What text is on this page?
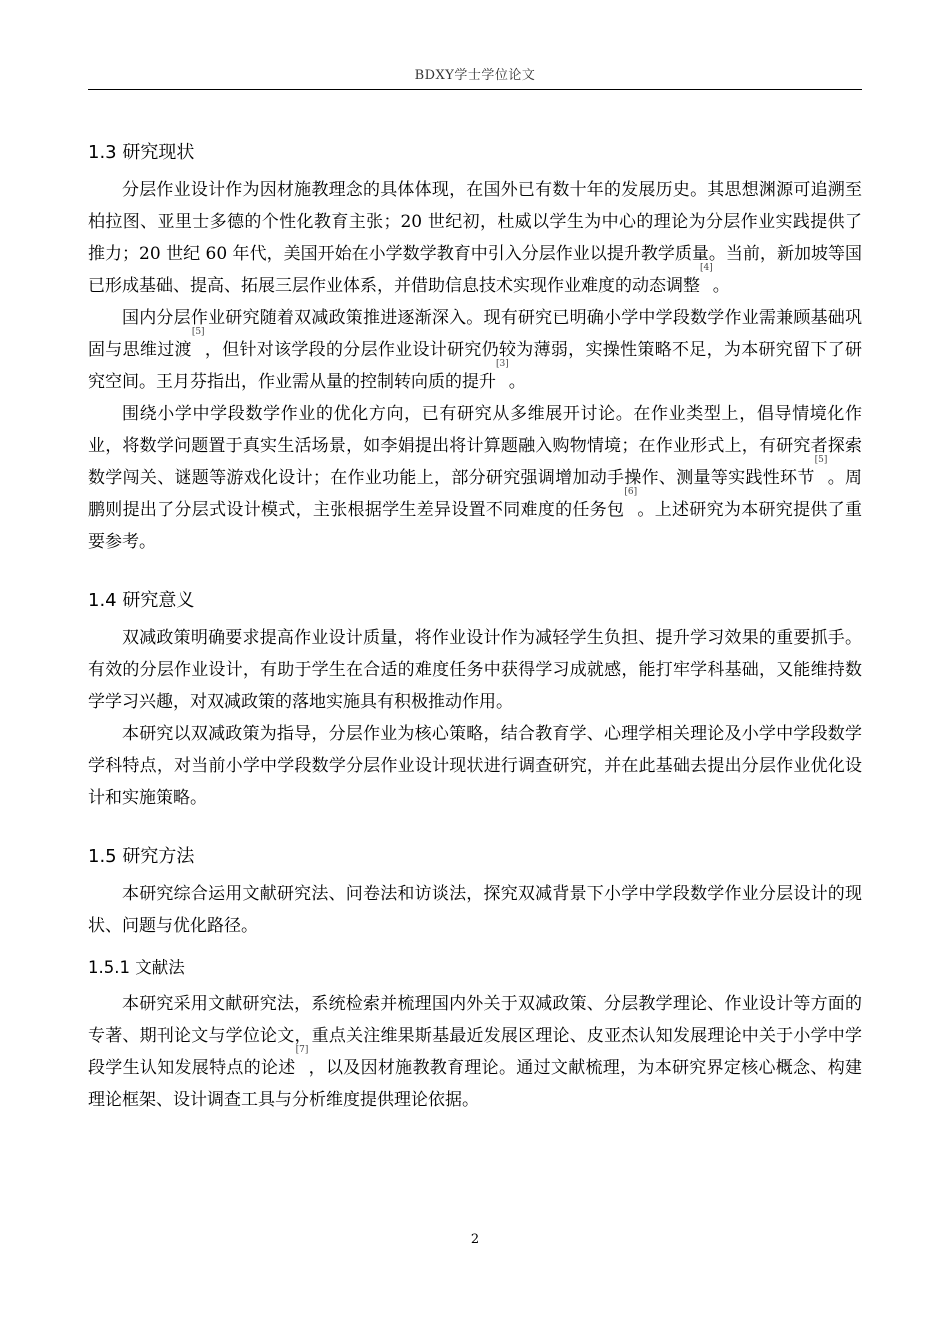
BDXY学士学位论文
1.3 研究现状

分层作业设计作为因材施教理念的具体体现，在国外已有数十年的发展历史。其思想渊源可追溯至柏拉图、亚里士多德的个性化教育主张；20 世纪初，杜威以学生为中心的理论为分层作业实践提供了推力；20 世纪 60 年代，美国开始在小学数学教育中引入分层作业以提升教学质量。当前，新加坡等国已形成基础、提高、拓展三层作业体系，并借助信息技术实现作业难度的动态调整[4]。

国内分层作业研究随着双减政策推进逐渐深入。现有研究已明确小学中学段数学作业需兼顾基础巩固与思维过渡[5]，但针对该学段的分层作业设计研究仍较为薄弱，实操性策略不足，为本研究留下了研究空间。王月芬指出，作业需从量的控制转向质的提升[3]。

围绕小学中学段数学作业的优化方向，已有研究从多维展开讨论。在作业类型上，倡导情境化作业，将数学问题置于真实生活场景，如李娟提出将计算题融入购物情境；在作业形式上，有研究者探索数学闯关、谜题等游戏化设计；在作业功能上，部分研究强调增加动手操作、测量等实践性环节[5]。周鹏则提出了分层式设计模式，主张根据学生差异设置不同难度的任务包[6]。上述研究为本研究提供了重要参考。

1.4 研究意义

双减政策明确要求提高作业设计质量，将作业设计作为减轻学生负担、提升学习效果的重要抓手。有效的分层作业设计，有助于学生在合适的难度任务中获得学习成就感，能打牢学科基础，又能维持数学学习兴趣，对双减政策的落地实施具有积极推动作用。

本研究以双减政策为指导，分层作业为核心策略，结合教育学、心理学相关理论及小学中学段数学学科特点，对当前小学中学段数学分层作业设计现状进行调查研究，并在此基础去提出分层作业优化设计和实施策略。

1.5 研究方法

本研究综合运用文献研究法、问卷法和访谈法，探究双减背景下小学中学段数学作业分层设计的现状、问题与优化路径。

1.5.1 文献法

本研究采用文献研究法，系统检索并梳理国内外关于双减政策、分层教学理论、作业设计等方面的专著、期刊论文与学位论文，重点关注维果斯基最近发展区理论、皮亚杰认知发展理论中关于小学中学段学生认知发展特点的论述[7]，以及因材施教教育理论。通过文献梳理，为本研究界定核心概念、构建理论框架、设计调查工具与分析维度提供理论依据。

2
